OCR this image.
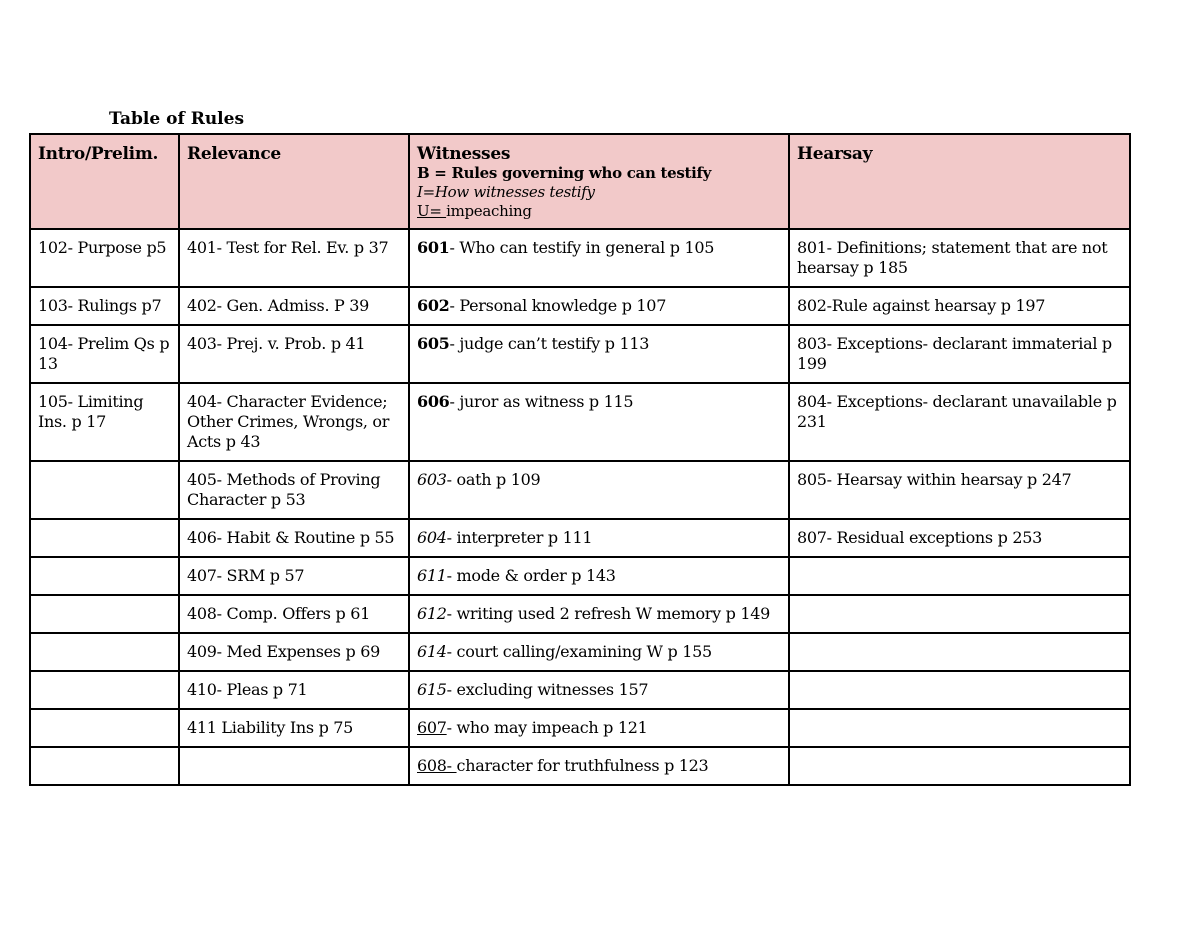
Table of Rules
Intro/Prelim.	Relevance	Witnesses
B = Rules governing who can testify
I=How witnesses testify
U= impeaching	Hearsay

102- Purpose p5	401- Test for Rel. Ev. p 37	601- Who can testify in general p 105	801- Definitions; statement that are not hearsay p 185
103- Rulings p7	402- Gen. Admiss. P 39	602- Personal knowledge p 107	802-Rule against hearsay p 197
104- Prelim Qs p 13	403- Prej. v. Prob. p 41	605- judge can’t testify p 113	803- Exceptions- declarant immaterial p 199
105- Limiting Ins. p 17	404- Character Evidence; Other Crimes, Wrongs, or Acts p 43	606- juror as witness p 115	804- Exceptions- declarant unavailable p 231
	405- Methods of Proving Character p 53	603- oath p 109	805- Hearsay within hearsay p 247
	406- Habit & Routine p 55	604- interpreter p 111	807- Residual exceptions p 253
	407- SRM p 57	611- mode & order p 143	
	408- Comp. Offers p 61	612- writing used 2 refresh W memory p 149	
	409- Med Expenses p 69	614- court calling/examining W p 155	
	410- Pleas p 71	615- excluding witnesses 157	
	411 Liability Ins p 75	607- who may impeach p 121	
		608- character for truthfulness p 123	
